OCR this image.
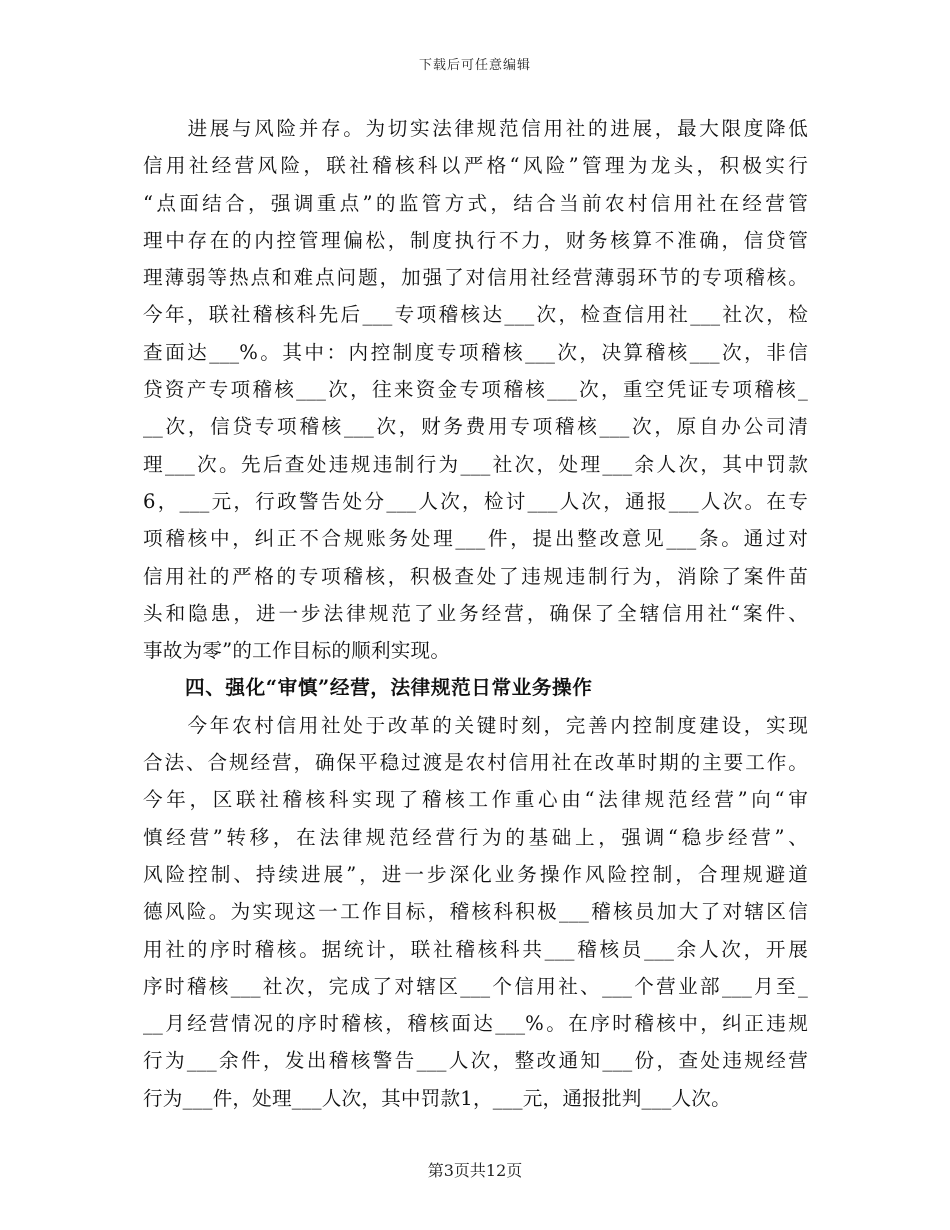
下载后可任意编辑
　　进展与风险并存。为切实法律规范信用社的进展，最大限度降低
信用社经营风险，联社稽核科以严格“风险”管理为龙头，积极实行
“点面结合，强调重点”的监管方式，结合当前农村信用社在经营管
理中存在的内控管理偏松，制度执行不力，财务核算不准确，信贷管
理薄弱等热点和难点问题，加强了对信用社经营薄弱环节的专项稽核。
今年，联社稽核科先后___专项稽核达___次，检查信用社___社次，检
查面达___%。其中：内控制度专项稽核___次，决算稽核___次，非信
贷资产专项稽核___次，往来资金专项稽核___次，重空凭证专项稽核_
__次，信贷专项稽核___次，财务费用专项稽核___次，原自办公司清
理___次。先后查处违规违制行为___社次，处理___余人次，其中罚款
6，___元，行政警告处分___人次，检讨___人次，通报___人次。在专
项稽核中，纠正不合规账务处理___件，提出整改意见___条。通过对
信用社的严格的专项稽核，积极查处了违规违制行为，消除了案件苗
头和隐患，进一步法律规范了业务经营，确保了全辖信用社“案件、
事故为零”的工作目标的顺利实现。
四、强化“审慎”经营，法律规范日常业务操作
　　今年农村信用社处于改革的关键时刻，完善内控制度建设，实现
合法、合规经营，确保平稳过渡是农村信用社在改革时期的主要工作。
今年，区联社稽核科实现了稽核工作重心由“法律规范经营”向“审
慎经营”转移，在法律规范经营行为的基础上，强调“稳步经营”、
风险控制、持续进展”，进一步深化业务操作风险控制，合理规避道
德风险。为实现这一工作目标，稽核科积极___稽核员加大了对辖区信
用社的序时稽核。据统计，联社稽核科共___稽核员___余人次，开展
序时稽核___社次，完成了对辖区___个信用社、___个营业部___月至_
__月经营情况的序时稽核，稽核面达___%。在序时稽核中，纠正违规
行为___余件，发出稽核警告___人次，整改通知___份，查处违规经营
行为___件，处理___人次，其中罚款1，___元，通报批判___人次。
第3页共12页
